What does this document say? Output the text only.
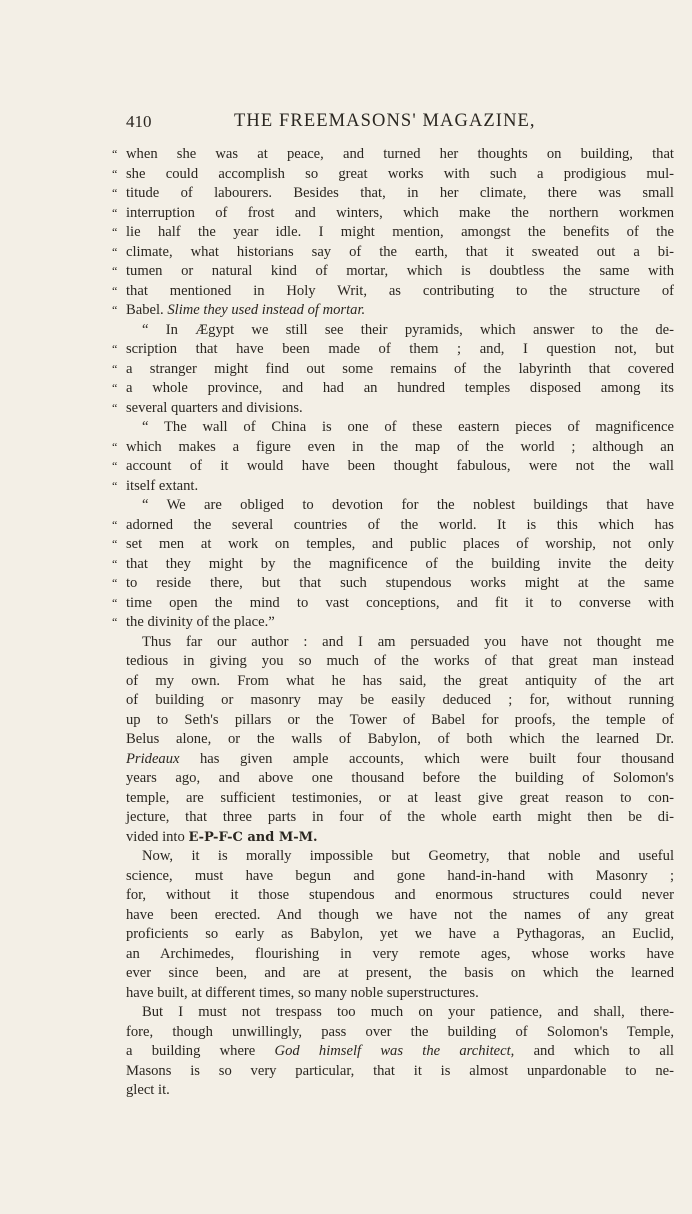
410	THE FREEMASONS' MAGAZINE,
“ when she was at peace, and turned her thoughts on building, that
“ she could accomplish so great works with such a prodigious mul-
“ titude of labourers. Besides that, in her climate, there was small
“ interruption of frost and winters, which make the northern workmen
“ lie half the year idle. I might mention, amongst the benefits of the
“ climate, what historians say of the earth, that it sweated out a bi-
“ tumen or natural kind of mortar, which is doubtless the same with
“ that mentioned in Holy Writ, as contributing to the structure of
“ Babel. Slime they used instead of mortar.
“ In Ægypt we still see their pyramids, which answer to the de-
“ scription that have been made of them ; and, I question not, but
“ a stranger might find out some remains of the labyrinth that covered
“ a whole province, and had an hundred temples disposed among its
“ several quarters and divisions.
“ The wall of China is one of these eastern pieces of magnificence
“ which makes a figure even in the map of the world ; although an
“ account of it would have been thought fabulous, were not the wall
“ itself extant.
“ We are obliged to devotion for the noblest buildings that have
“ adorned the several countries of the world. It is this which has
“ set men at work on temples, and public places of worship, not only
“ that they might by the magnificence of the building invite the deity
“ to reside there, but that such stupendous works might at the same
“ time open the mind to vast conceptions, and fit it to converse with
“ the divinity of the place.”
Thus far our author : and I am persuaded you have not thought me
tedious in giving you so much of the works of that great man instead
of my own. From what he has said, the great antiquity of the art
of building or masonry may be easily deduced ; for, without running
up to Seth's pillars or the Tower of Babel for proofs, the temple of
Belus alone, or the walls of Babylon, of both which the learned Dr.
Prideaux has given ample accounts, which were built four thousand
years ago, and above one thousand before the building of Solomon's
temple, are sufficient testimonies, or at least give great reason to con-
jecture, that three parts in four of the whole earth might then be di-
vided into E-P-F-C and M-M.
Now, it is morally impossible but Geometry, that noble and useful
science, must have begun and gone hand-in-hand with Masonry ;
for, without it those stupendous and enormous structures could never
have been erected. And though we have not the names of any great
proficients so early as Babylon, yet we have a Pythagoras, an Euclid,
an Archimedes, flourishing in very remote ages, whose works have
ever since been, and are at present, the basis on which the learned
have built, at different times, so many noble superstructures.
But I must not trespass too much on your patience, and shall, there-
fore, though unwillingly, pass over the building of Solomon's Temple,
a building where God himself was the architect, and which to all
Masons is so very particular, that it is almost unpardonable to ne-
glect it.
